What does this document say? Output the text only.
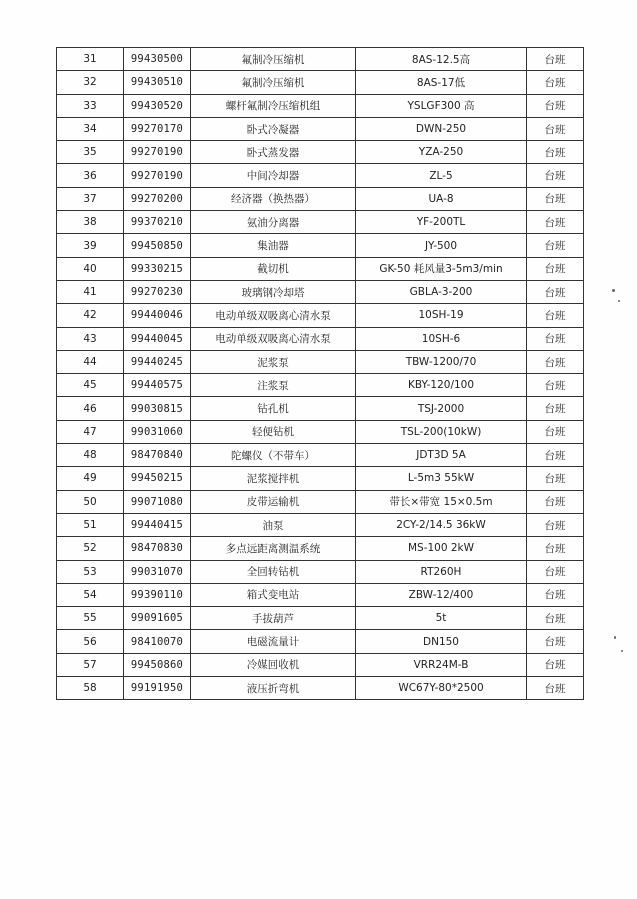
31	99430500	氟制冷压缩机	8AS-12.5高	台班
32	99430510	氟制冷压缩机	8AS-17低	台班
33	99430520	螺杆氟制冷压缩机组	YSLGF300 高	台班
34	99270170	卧式冷凝器	DWN-250	台班
35	99270190	卧式蒸发器	YZA-250	台班
36	99270190	中间冷却器	ZL-5	台班
37	99270200	经济器（换热器）	UA-8	台班
38	99370210	氨油分离器	YF-200TL	台班
39	99450850	集油器	JY-500	台班
40	99330215	截切机	GK-50 耗风量3-5m3/min	台班
41	99270230	玻璃钢冷却塔	GBLA-3-200	台班
42	99440046	电动单级双吸离心清水泵	10SH-19	台班
43	99440045	电动单级双吸离心清水泵	10SH-6	台班
44	99440245	泥浆泵	TBW-1200/70	台班
45	99440575	注浆泵	KBY-120/100	台班
46	99030815	钻孔机	TSJ-2000	台班
47	99031060	轻便钻机	TSL-200(10kW)	台班
48	98470840	陀螺仪（不带车）	JDT3D 5A	台班
49	99450215	泥浆搅拌机	L-5m3 55kW	台班
50	99071080	皮带运输机	带长×带宽 15×0.5m	台班
51	99440415	油泵	2CY-2/14.5 36kW	台班
52	98470830	多点远距离测温系统	MS-100 2kW	台班
53	99031070	全回转钻机	RT260H	台班
54	99390110	箱式变电站	ZBW-12/400	台班
55	99091605	手拔葫芦	5t	台班
56	98410070	电磁流量计	DN150	台班
57	99450860	冷媒回收机	VRR24M-B	台班
58	99191950	液压折弯机	WC67Y-80*2500	台班
